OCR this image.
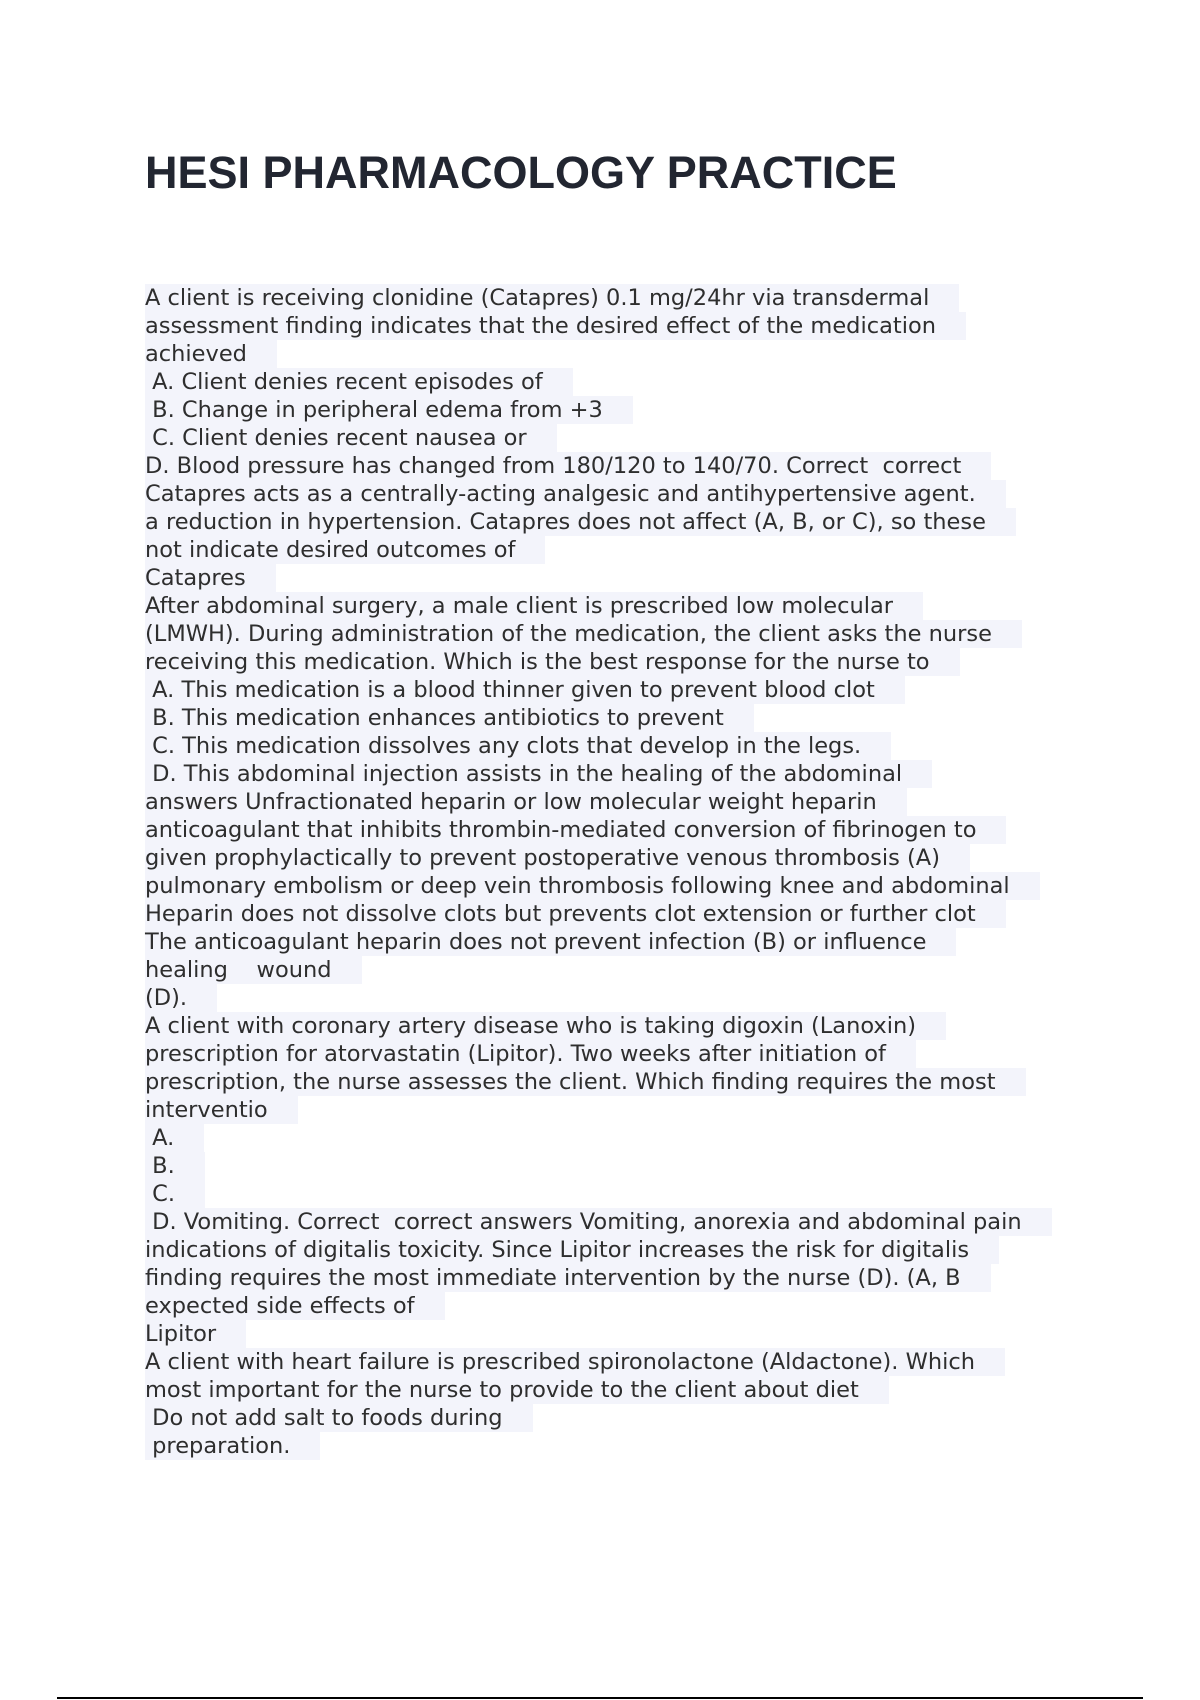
HESI PHARMACOLOGY PRACTICE
A client is receiving clonidine (Catapres) 0.1 mg/24hr via transdermal
assessment finding indicates that the desired effect of the medication
achieved
A. Client denies recent episodes of
B. Change in peripheral edema from +3
C. Client denies recent nausea or
D. Blood pressure has changed from 180/120 to 140/70. Correct  correct
Catapres acts as a centrally-acting analgesic and antihypertensive agent.
a reduction in hypertension. Catapres does not affect (A, B, or C), so these
not indicate desired outcomes of
Catapres
After abdominal surgery, a male client is prescribed low molecular
(LMWH). During administration of the medication, the client asks the nurse
receiving this medication. Which is the best response for the nurse to
A. This medication is a blood thinner given to prevent blood clot
B. This medication enhances antibiotics to prevent
C. This medication dissolves any clots that develop in the legs.
D. This abdominal injection assists in the healing of the abdominal
answers Unfractionated heparin or low molecular weight heparin
anticoagulant that inhibits thrombin-mediated conversion of fibrinogen to
given prophylactically to prevent postoperative venous thrombosis (A)
pulmonary embolism or deep vein thrombosis following knee and abdominal
Heparin does not dissolve clots but prevents clot extension or further clot
The anticoagulant heparin does not prevent infection (B) or influence
healing    wound
(D).
A client with coronary artery disease who is taking digoxin (Lanoxin)
prescription for atorvastatin (Lipitor). Two weeks after initiation of
prescription, the nurse assesses the client. Which finding requires the most
interventio
A.
B.
C.
D. Vomiting. Correct  correct answers Vomiting, anorexia and abdominal pain
indications of digitalis toxicity. Since Lipitor increases the risk for digitalis
finding requires the most immediate intervention by the nurse (D). (A, B
expected side effects of
Lipitor
A client with heart failure is prescribed spironolactone (Aldactone). Which
most important for the nurse to provide to the client about diet
Do not add salt to foods during
preparation.
